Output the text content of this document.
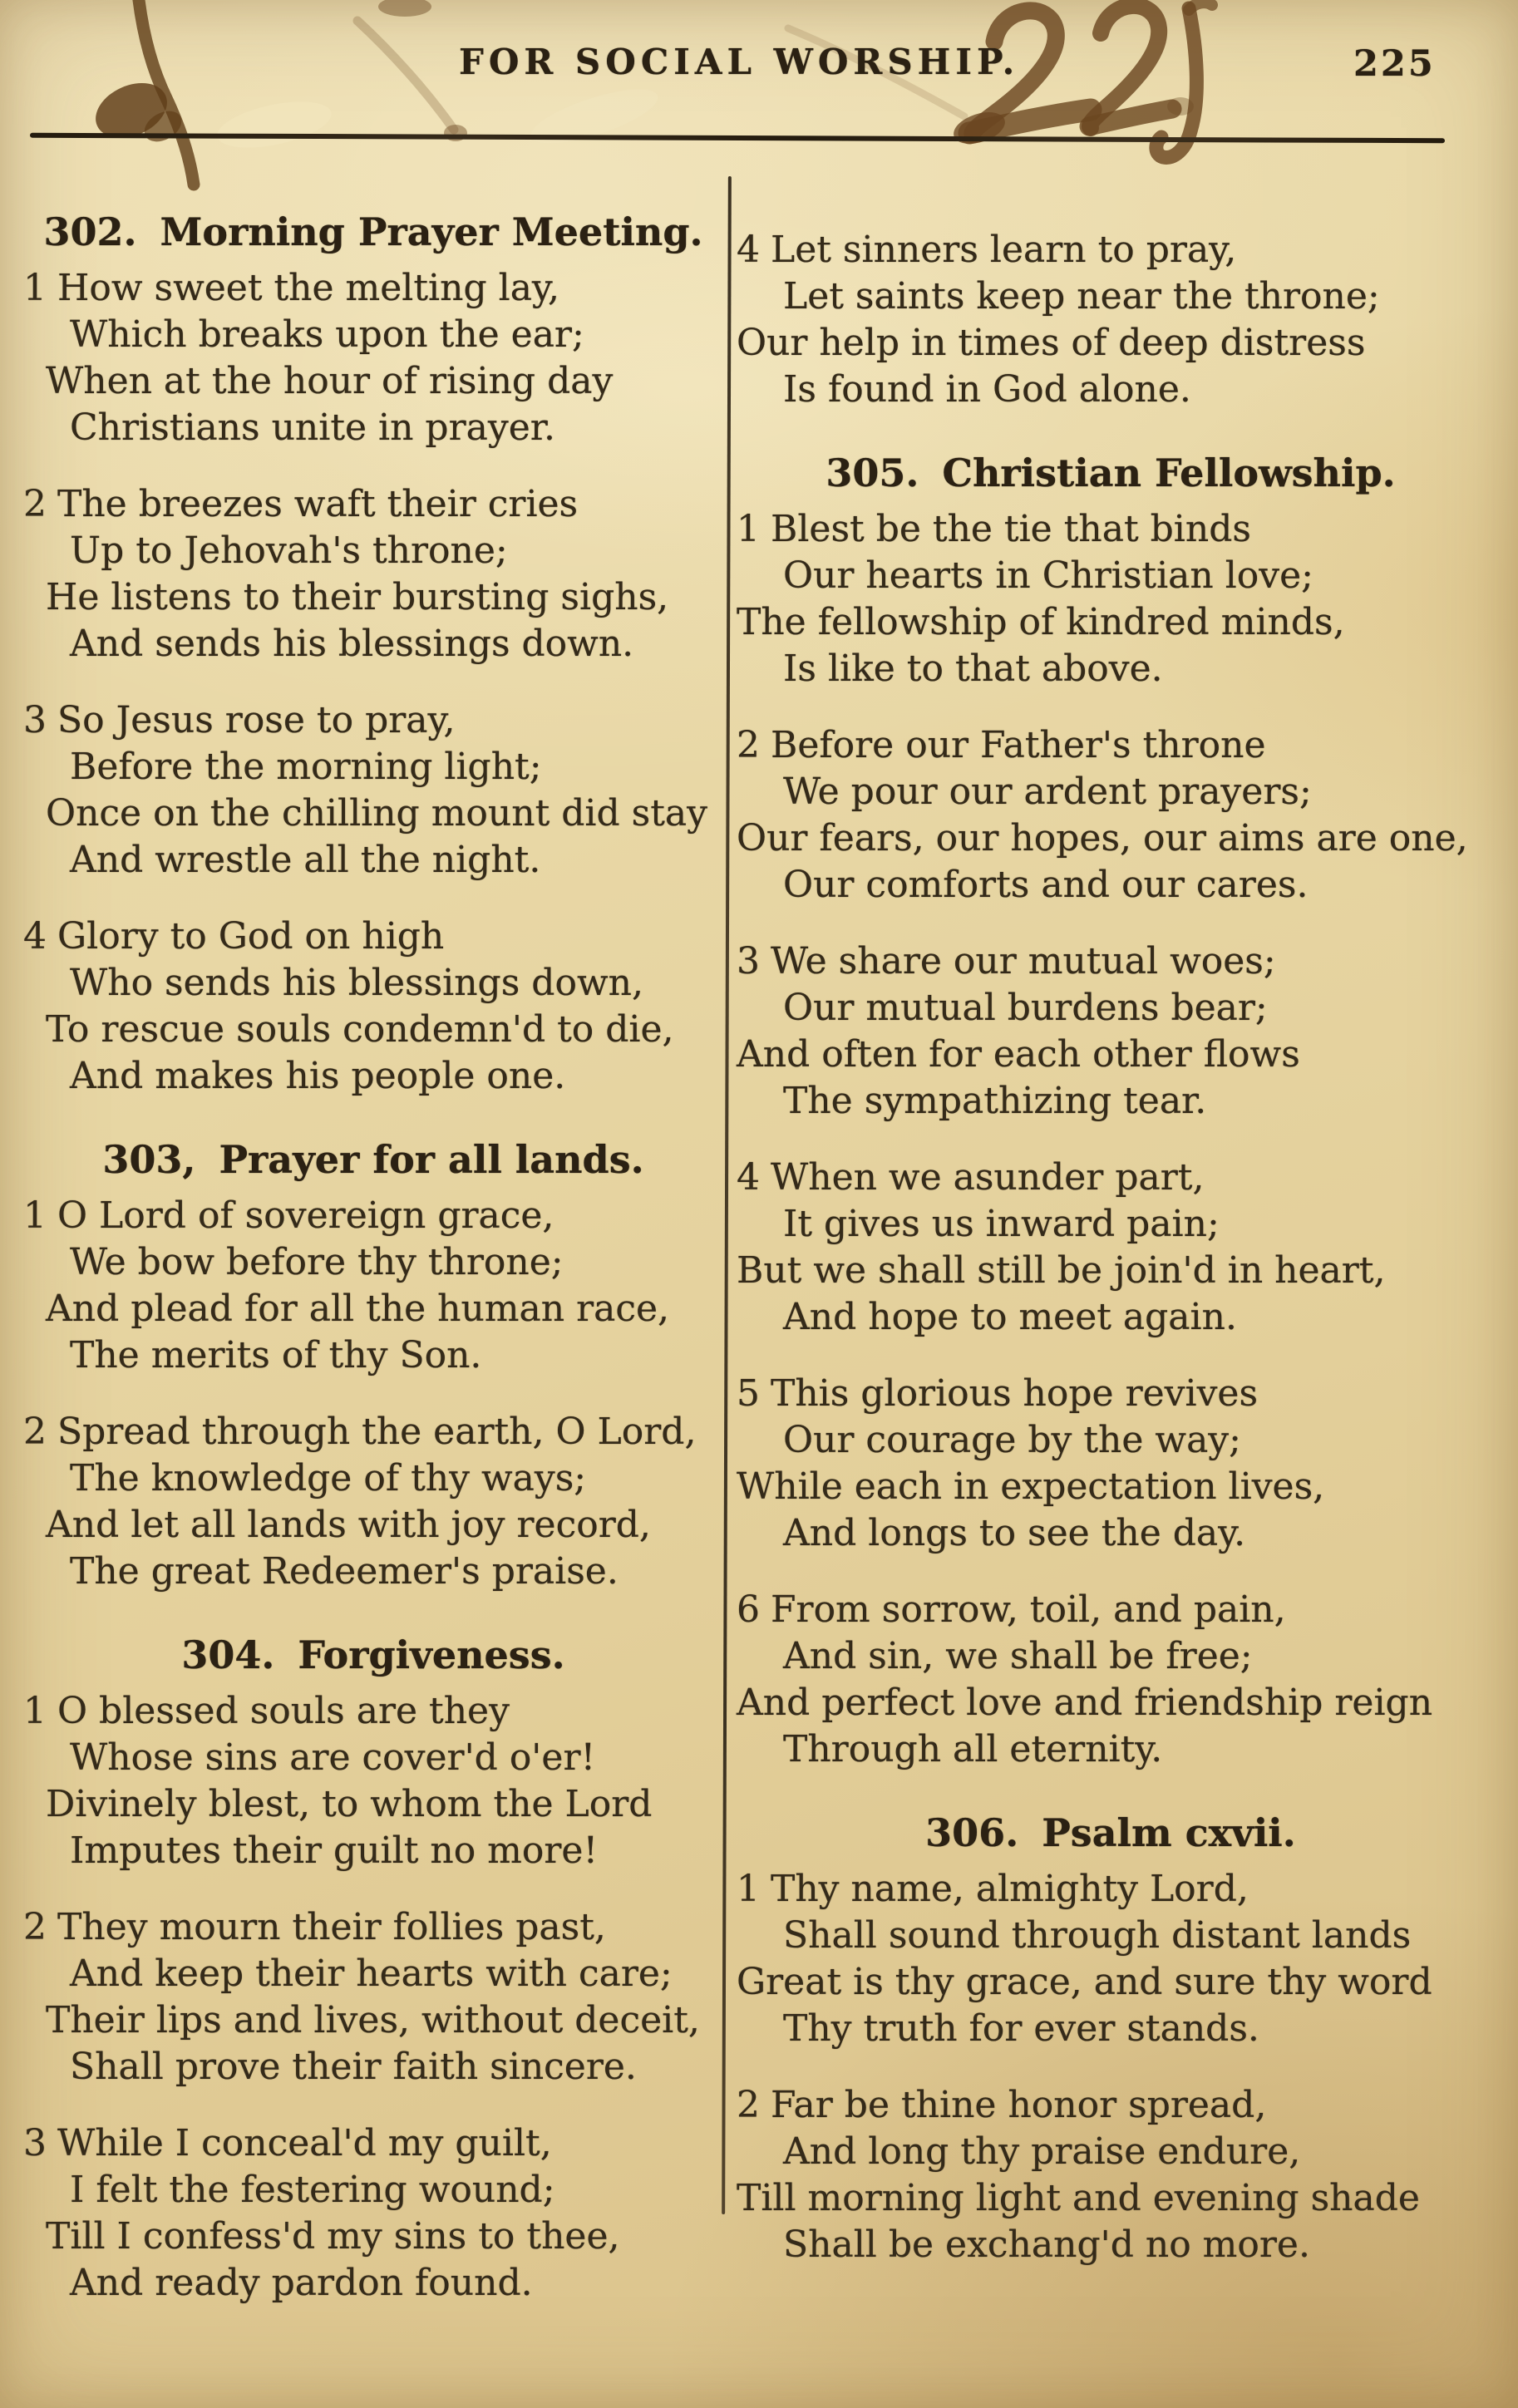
FOR SOCIAL WORSHIP.	225
302. Morning Prayer Meeting.
1 How sweet the melting lay,
Which breaks upon the ear;
When at the hour of rising day
Christians unite in prayer.
2 The breezes waft their cries
Up to Jehovah's throne;
He listens to their bursting sighs,
And sends his blessings down.
3 So Jesus rose to pray,
Before the morning light;
Once on the chilling mount did stay
And wrestle all the night.
4 Glory to God on high
Who sends his blessings down,
To rescue souls condemn'd to die,
And makes his people one.
303, Prayer for all lands.
1 O Lord of sovereign grace,
We bow before thy throne;
And plead for all the human race,
The merits of thy Son.
2 Spread through the earth, O Lord,
The knowledge of thy ways;
And let all lands with joy record,
The great Redeemer's praise.
304. Forgiveness.
1 O blessed souls are they
Whose sins are cover'd o'er!
Divinely blest, to whom the Lord
Imputes their guilt no more!
2 They mourn their follies past,
And keep their hearts with care;
Their lips and lives, without deceit,
Shall prove their faith sincere.
3 While I conceal'd my guilt,
I felt the festering wound;
Till I confess'd my sins to thee,
And ready pardon found.
4 Let sinners learn to pray,
Let saints keep near the throne;
Our help in times of deep distress
Is found in God alone.
305. Christian Fellowship.
1 Blest be the tie that binds
Our hearts in Christian love;
The fellowship of kindred minds,
Is like to that above.
2 Before our Father's throne
We pour our ardent prayers;
Our fears, our hopes, our aims are one,
Our comforts and our cares.
3 We share our mutual woes;
Our mutual burdens bear;
And often for each other flows
The sympathizing tear.
4 When we asunder part,
It gives us inward pain;
But we shall still be join'd in heart,
And hope to meet again.
5 This glorious hope revives
Our courage by the way;
While each in expectation lives,
And longs to see the day.
6 From sorrow, toil, and pain,
And sin, we shall be free;
And perfect love and friendship reign
Through all eternity.
306. Psalm cxvii.
1 Thy name, almighty Lord,
Shall sound through distant lands
Great is thy grace, and sure thy word
Thy truth for ever stands.
2 Far be thine honor spread,
And long thy praise endure,
Till morning light and evening shade
Shall be exchang'd no more.
